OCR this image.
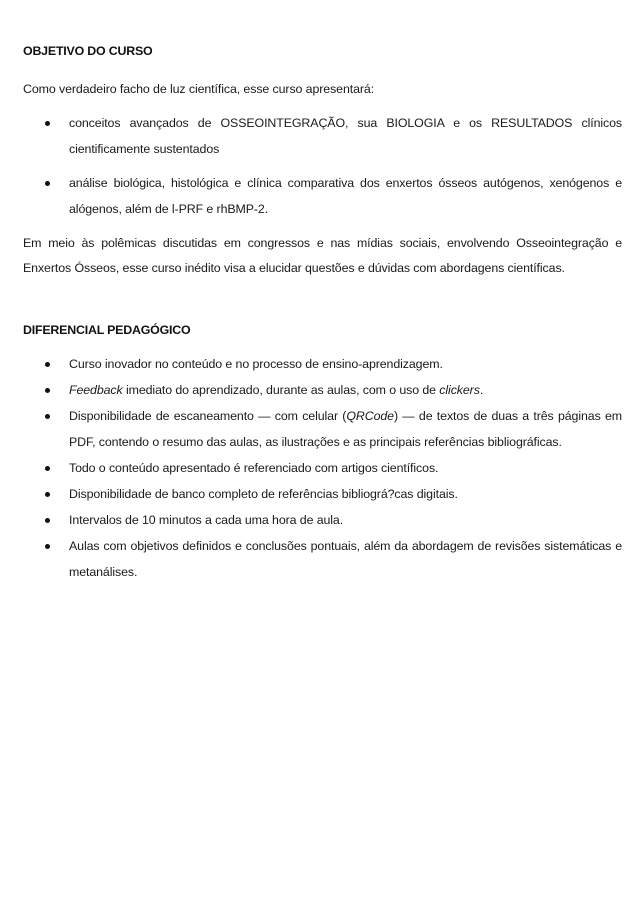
OBJETIVO DO CURSO

Como verdadeiro facho de luz científica, esse curso apresentará:

conceitos avançados de OSSEOINTEGRAÇÃO, sua BIOLOGIA e os RESULTADOS clínicos cientificamente sustentados
análise biológica, histológica e clínica comparativa dos enxertos ósseos autógenos, xenógenos e alógenos, além de l-PRF e rhBMP-2.

Em meio às polêmicas discutidas em congressos e nas mídias sociais, envolvendo Osseointegração e Enxertos Ósseos, esse curso inédito visa a elucidar questões e dúvidas com abordagens científicas.

DIFERENCIAL PEDAGÓGICO

Curso inovador no conteúdo e no processo de ensino-aprendizagem.
Feedback imediato do aprendizado, durante as aulas, com o uso de clickers.
Disponibilidade de escaneamento — com celular (QRCode) — de textos de duas a três páginas em PDF, contendo o resumo das aulas, as ilustrações e as principais referências bibliográficas.
Todo o conteúdo apresentado é referenciado com artigos científicos.
Disponibilidade de banco completo de referências bibliográ?cas digitais.
Intervalos de 10 minutos a cada uma hora de aula.
Aulas com objetivos definidos e conclusões pontuais, além da abordagem de revisões sistemáticas e metanálises.
